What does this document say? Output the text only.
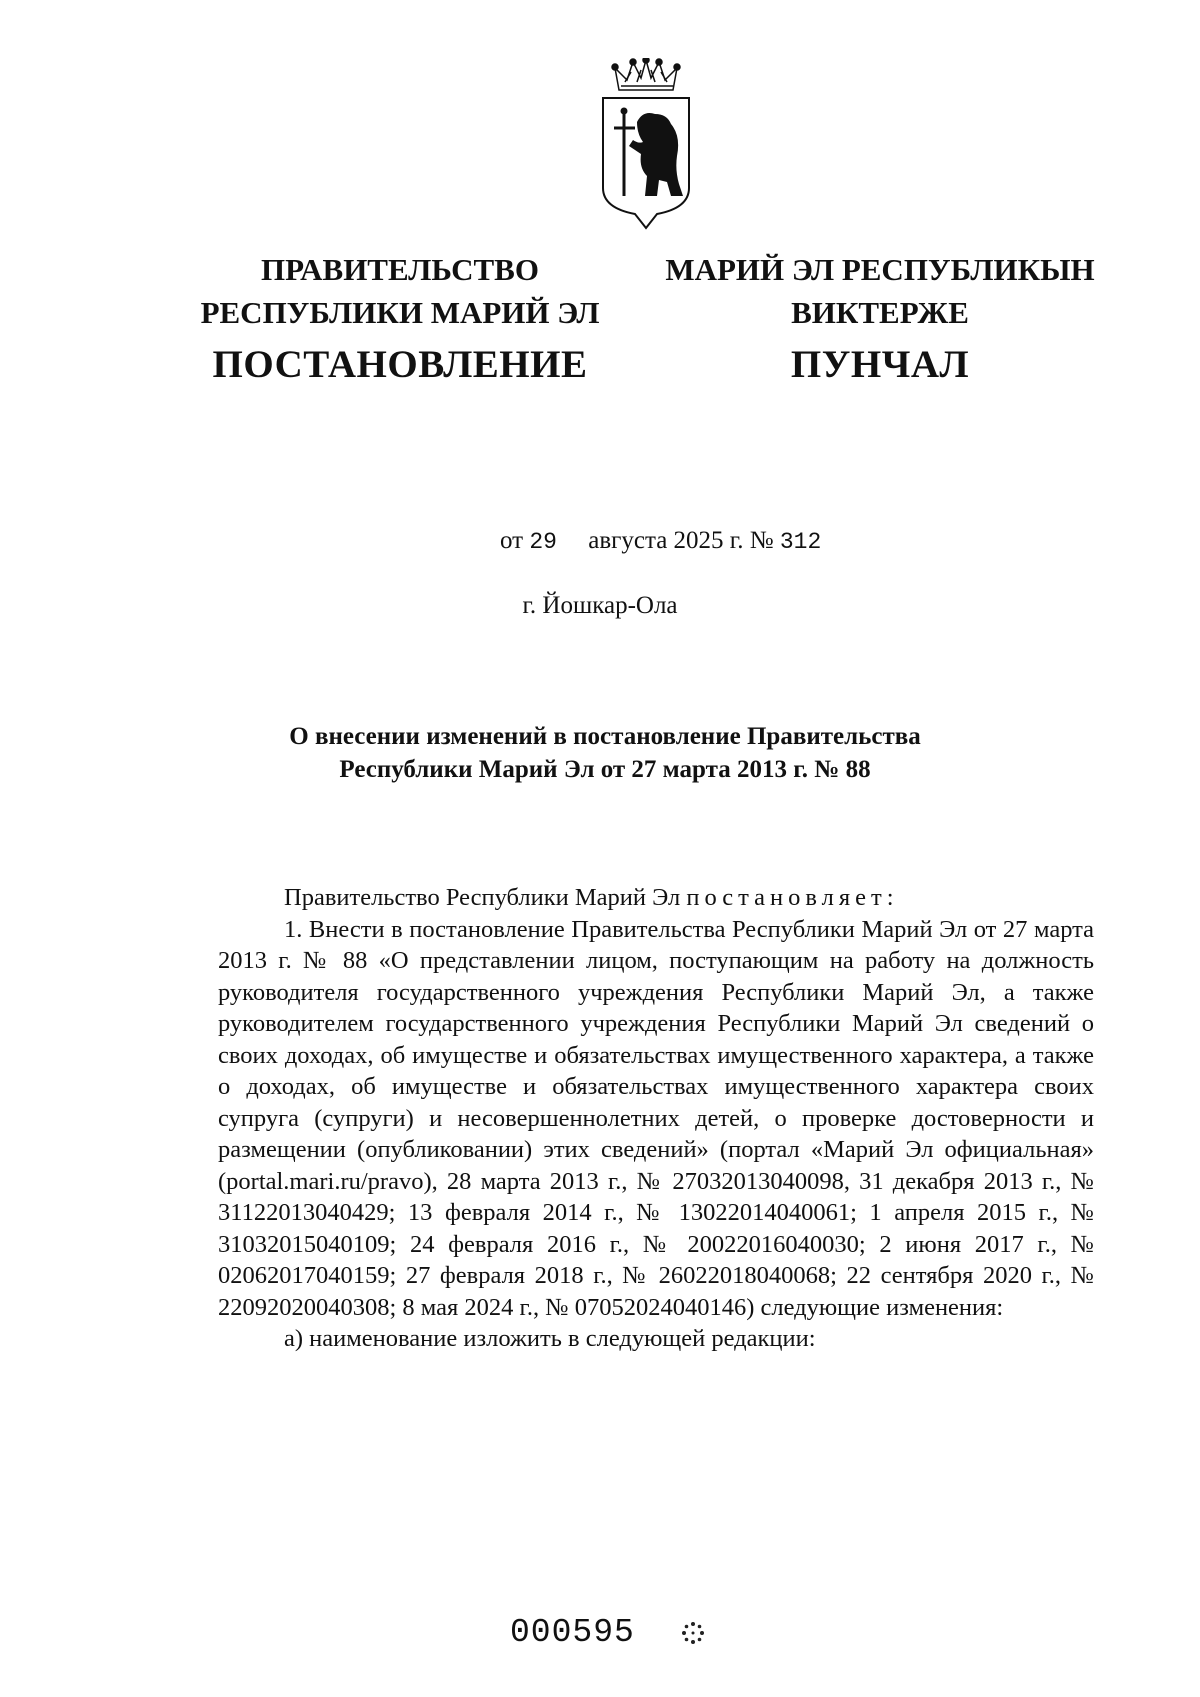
ПРАВИТЕЛЬСТВО
РЕСПУБЛИКИ МАРИЙ ЭЛ
ПОСТАНОВЛЕНИЕ
МАРИЙ ЭЛ РЕСПУБЛИКЫН
ВИКТЕРЖЕ
ПУНЧАЛ
от 29 августа 2025 г. № 312
г. Йошкар-Ола
О внесении изменений в постановление Правительства
Республики Марий Эл от 27 марта 2013 г. № 88

Правительство Республики Марий Эл постановляет:

1. Внести в постановление Правительства Республики Марий Эл от 27 марта 2013 г. № 88 «О представлении лицом, поступающим на работу на должность руководителя государственного учреждения Республики Марий Эл, а также руководителем государственного учреждения Республики Марий Эл сведений о своих доходах, об имуществе и обязательствах имущественного характера, а также о доходах, об имуществе и обязательствах имущественного характера своих супруга (супруги) и несовершеннолетних детей, о проверке достоверности и размещении (опубликовании) этих сведений» (портал «Марий Эл официальная» (portal.mari.ru/pravo), 28 марта 2013 г., № 27032013040098, 31 декабря 2013 г., № 31122013040429; 13 февраля 2014 г., № 13022014040061; 1 апреля 2015 г., № 31032015040109; 24 февраля 2016 г., № 20022016040030; 2 июня 2017 г., № 02062017040159; 27 февраля 2018 г., № 26022018040068; 22 сентября 2020 г., № 22092020040308; 8 мая 2024 г., № 07052024040146) следующие изменения:

а) наименование изложить в следующей редакции:

000595
